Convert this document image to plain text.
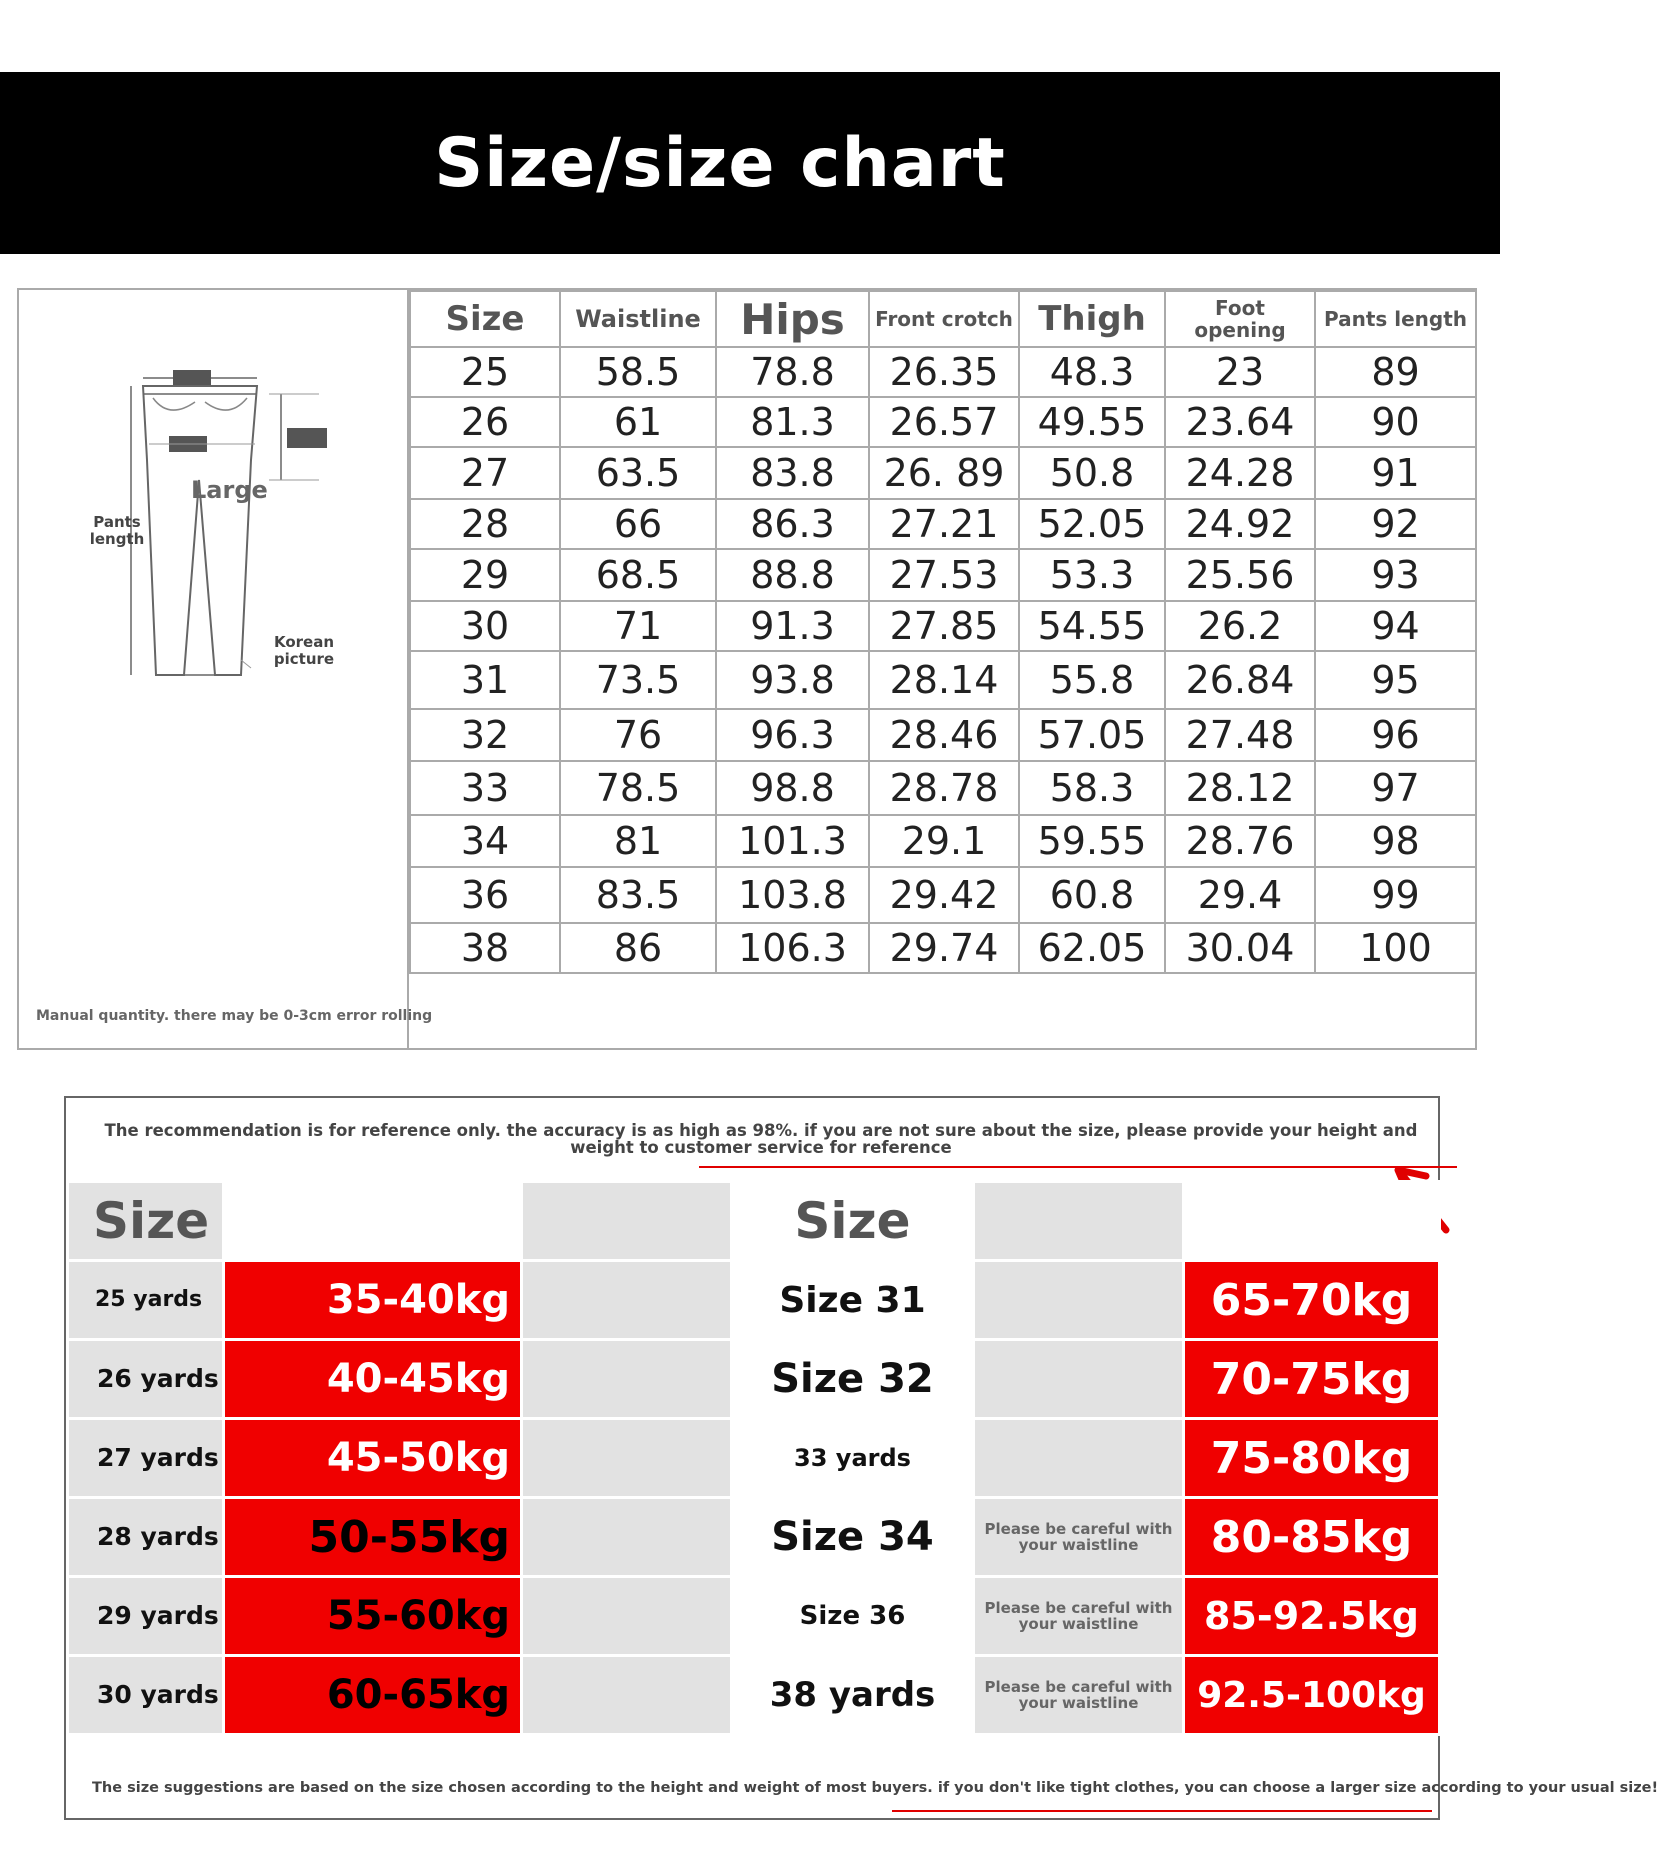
Size/size chart
Large
Pants length
Korean picture
Manual quantity. there may be 0-3cm error rolling
Size	Waistline	Hips	Front crotch	Thigh	Foot opening	Pants length
25	58.5	78.8	26.35	48.3	23	89
26	61	81.3	26.57	49.55	23.64	90
27	63.5	83.8	26. 89	50.8	24.28	91
28	66	86.3	27.21	52.05	24.92	92
29	68.5	88.8	27.53	53.3	25.56	93
30	71	91.3	27.85	54.55	26.2	94
31	73.5	93.8	28.14	55.8	26.84	95
32	76	96.3	28.46	57.05	27.48	96
33	78.5	98.8	28.78	58.3	28.12	97
34	81	101.3	29.1	59.55	28.76	98
36	83.5	103.8	29.42	60.8	29.4	99
38	86	106.3	29.74	62.05	30.04	100
The recommendation is for reference only. the accuracy is as high as 98%. if you are not sure about the size, please provide your height and weight to customer service for reference
Size			Size		
25 yards	35-40kg		Size 31		65-70kg
26 yards	40-45kg		Size 32		70-75kg
27 yards	45-50kg		33 yards		75-80kg
28 yards	50-55kg		Size 34	Please be careful with your waistline	80-85kg
29 yards	55-60kg		Size 36	Please be careful with your waistline	85-92.5kg
30 yards	60-65kg		38 yards	Please be careful with your waistline	92.5-100kg
The size suggestions are based on the size chosen according to the height and weight of most buyers. if you don't like tight clothes, you can choose a larger size according to your usual size!
